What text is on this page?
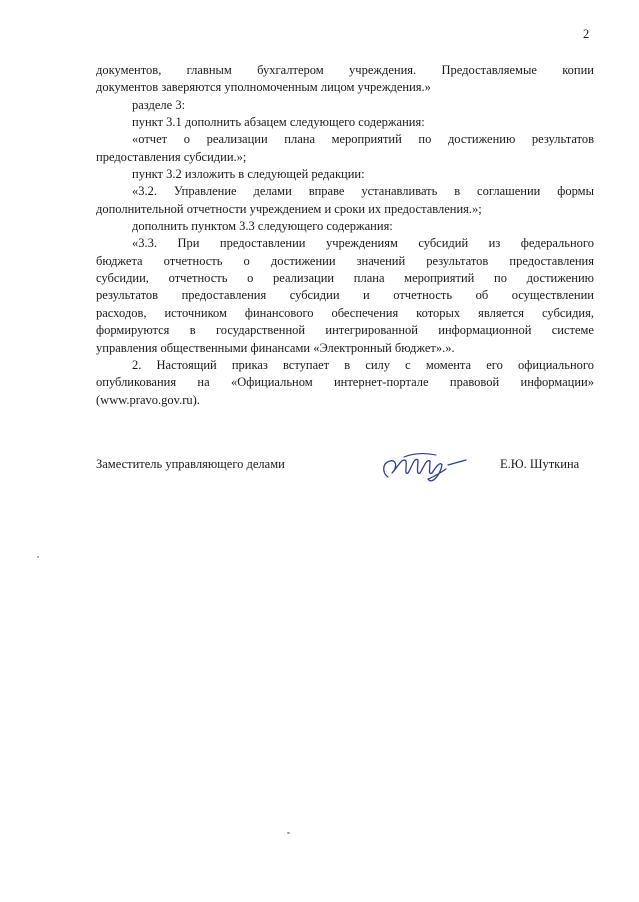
2
документов, главным бухгалтером учреждения. Предоставляемые копии
документов заверяются уполномоченным лицом учреждения.»
разделе 3:
пункт 3.1 дополнить абзацем следующего содержания:
«отчет о реализации плана мероприятий по достижению результатов
предоставления субсидии.»;
пункт 3.2 изложить в следующей редакции:
«3.2. Управление делами вправе устанавливать в соглашении формы
дополнительной отчетности учреждением и сроки их предоставления.»;
дополнить пунктом 3.3 следующего содержания:
«3.3. При предоставлении учреждениям субсидий из федерального
бюджета отчетность о достижении значений результатов предоставления
субсидии, отчетность о реализации плана мероприятий по достижению
результатов предоставления субсидии и отчетность об осуществлении
расходов, источником финансового обеспечения которых является субсидия,
формируются в государственной интегрированной информационной системе
управления общественными финансами «Электронный бюджет».».
2. Настоящий приказ вступает в силу с момента его официального
опубликования на «Официальном интернет-портале правовой информации»
(www.pravo.gov.ru).
Заместитель управляющего делами	Е.Ю. Шуткина
